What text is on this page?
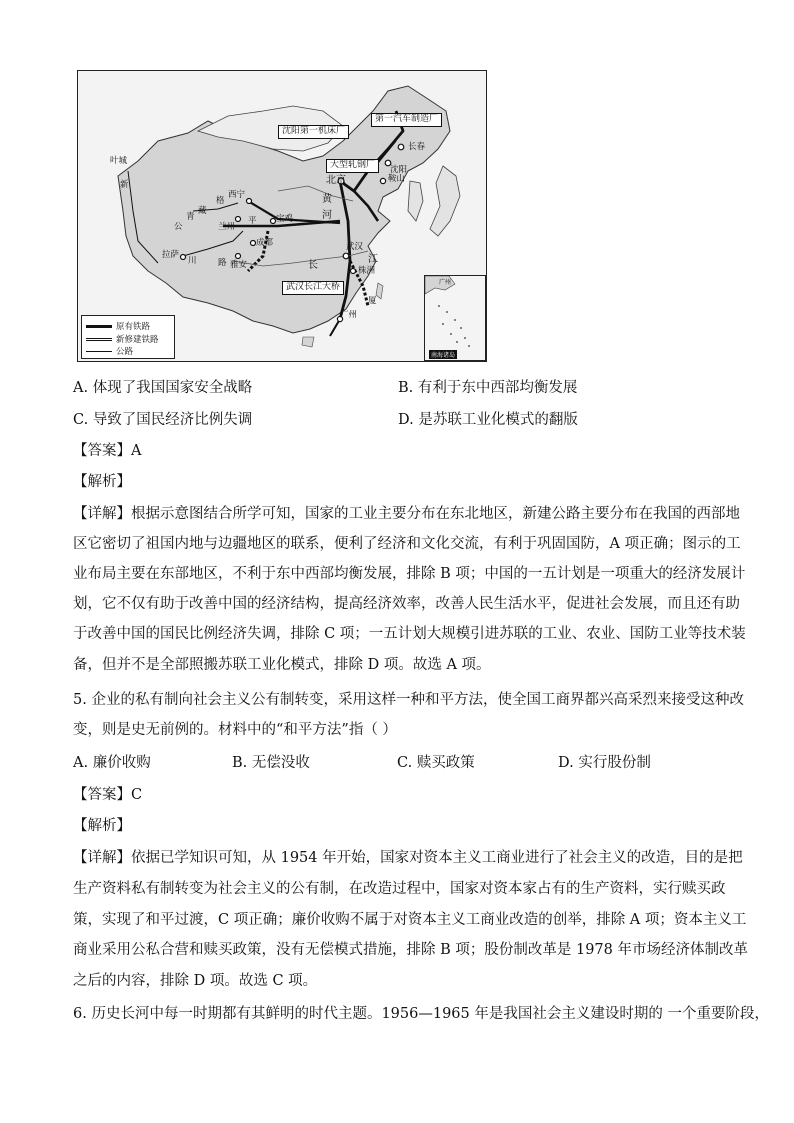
第一汽车制造厂
沈阳第一机床厂
大型轧钢厂
武汉长江大桥
长春
沈阳
鞍山
北京
西宁
兰州
宝鸡
成都
雅安
拉萨
武汉
株洲
广州
叶城
黄
河
长
江
厦
青
藏
公
路
川
新
格
平
原有铁路
新修建铁路
公路
广州
南海诸岛
A. 体现了我国国家安全战略	B. 有利于东中西部均衡发展
C. 导致了国民经济比例失调	D. 是苏联工业化模式的翻版
【答案】A
【解析】
【详解】根据示意图结合所学可知，国家的工业主要分布在东北地区，新建公路主要分布在我国的西部地
区它密切了祖国内地与边疆地区的联系，便利了经济和文化交流，有利于巩固国防，A 项正确；图示的工
业布局主要在东部地区，不利于东中西部均衡发展，排除 B 项；中国的一五计划是一项重大的经济发展计
划，它不仅有助于改善中国的经济结构，提高经济效率，改善人民生活水平，促进社会发展，而且还有助
于改善中国的国民比例经济失调，排除 C 项；一五计划大规模引进苏联的工业、农业、国防工业等技术装
备，但并不是全部照搬苏联工业化模式，排除 D 项。故选 A 项。
5. 企业的私有制向社会主义公有制转变，采用这样一种和平方法，使全国工商界都兴高采烈来接受这种改
变，则是史无前例的。材料中的“和平方法”指（ ）
A. 廉价收购	B. 无偿没收	C. 赎买政策	D. 实行股份制
【答案】C
【解析】
【详解】依据已学知识可知，从 1954 年开始，国家对资本主义工商业进行了社会主义的改造，目的是把
生产资料私有制转变为社会主义的公有制，在改造过程中，国家对资本家占有的生产资料，实行赎买政
策，实现了和平过渡，C 项正确；廉价收购不属于对资本主义工商业改造的创举，排除 A 项；资本主义工
商业采用公私合营和赎买政策，没有无偿模式措施，排除 B 项；股份制改革是 1978 年市场经济体制改革
之后的内容，排除 D 项。故选 C 项。
6. 历史长河中每一时期都有其鲜明的时代主题。1956—1965 年是我国社会主义建设时期的 一个重要阶段，
